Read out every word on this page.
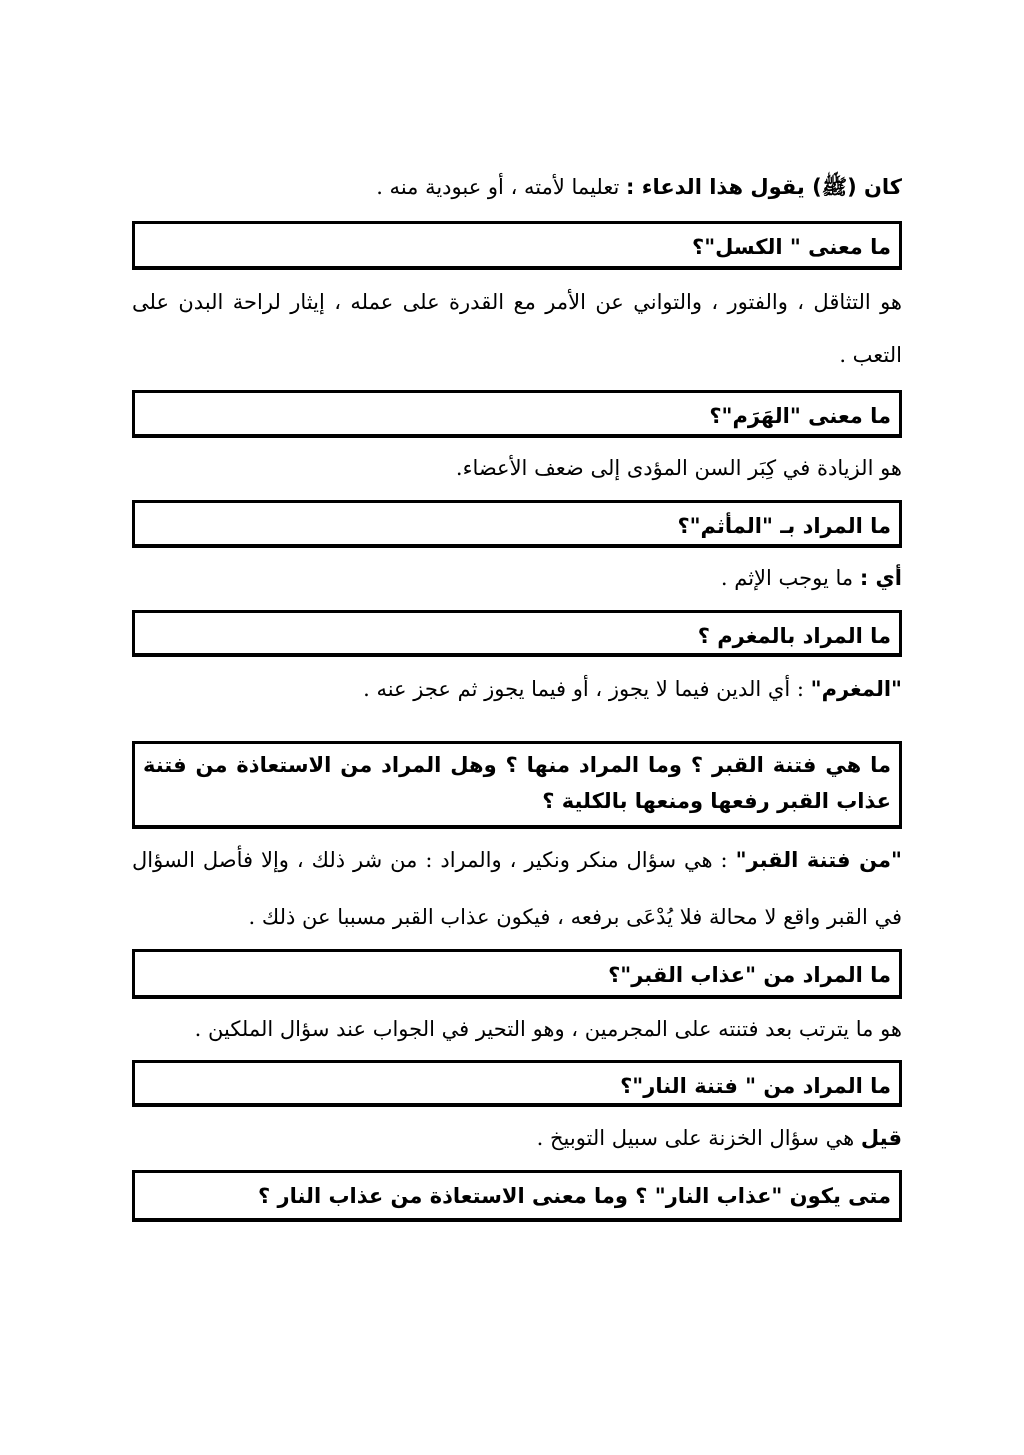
كان (ﷺ) يقول هذا الدعاء : تعليما لأمته ، أو عبودية منه .
ما معنى " الكسل"؟
هو التثاقل ، والفتور ، والتواني عن الأمر مع القدرة على عمله ، إيثار لراحة البدن على
التعب .
ما معنى "الهَرَم"؟
هو الزيادة في كِبَر السن المؤدى إلى ضعف الأعضاء.
ما المراد بـ "المأثم"؟
أي : ما يوجب الإثم .
ما المراد بالمغرم ؟
"المغرم" : أي الدين فيما لا يجوز ، أو فيما يجوز ثم عجز عنه .
ما هي فتنة القبر ؟ وما المراد منها ؟ وهل المراد من الاستعاذة من فتنة
عذاب القبر رفعها ومنعها بالكلية ؟
"من فتنة القبر" : هي سؤال منكر ونكير ، والمراد : من شر ذلك ، وإلا فأصل السؤال
في القبر واقع لا محالة فلا يُدْعَى برفعه ، فيكون عذاب القبر مسببا عن ذلك .
ما المراد من "عذاب القبر"؟
هو ما يترتب بعد فتنته على المجرمين ، وهو التحير في الجواب عند سؤال الملكين .
ما المراد من " فتنة النار"؟
قيل هي سؤال الخزنة على سبيل التوبيخ .
متى يكون "عذاب النار" ؟ وما معنى الاستعاذة من عذاب النار ؟
